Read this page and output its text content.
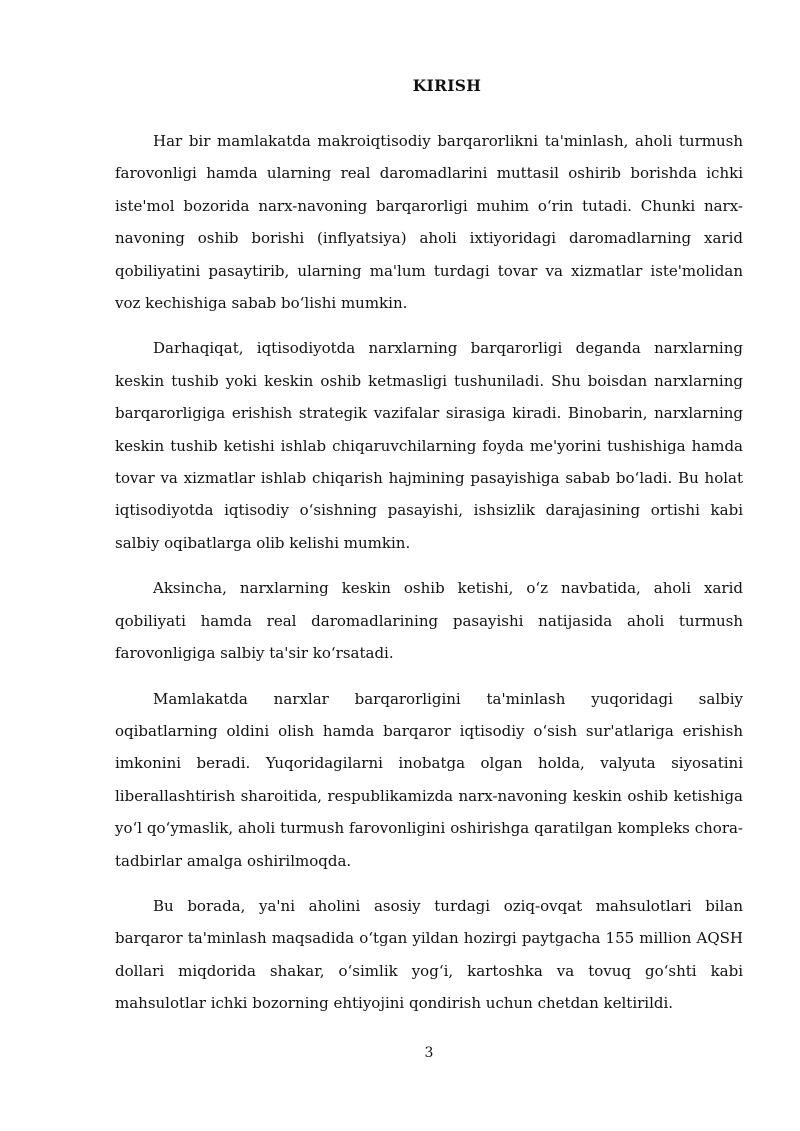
KIRISH

Har bir mamlakatda makroiqtisodiy barqarorlikni ta'minlash, aholi turmush farovonligi hamda ularning real daromadlarini muttasil oshirib borishda ichki iste'mol bozorida narx-navoning barqarorligi muhim o‘rin tutadi. Chunki narx-navoning oshib borishi (inflyatsiya) aholi ixtiyoridagi daromadlarning xarid qobiliyatini pasaytirib, ularning ma'lum turdagi tovar va xizmatlar iste'molidan voz kechishiga sabab bo‘lishi mumkin.

Darhaqiqat, iqtisodiyotda narxlarning barqarorligi deganda narxlarning keskin tushib yoki keskin oshib ketmasligi tushuniladi. Shu boisdan narxlarning barqarorligiga erishish strategik vazifalar sirasiga kiradi. Binobarin, narxlarning keskin tushib ketishi ishlab chiqaruvchilarning foyda me'yorini tushishiga hamda tovar va xizmatlar ishlab chiqarish hajmining pasayishiga sabab bo‘ladi. Bu holat iqtisodiyotda iqtisodiy o‘sishning pasayishi, ishsizlik darajasining ortishi kabi salbiy oqibatlarga olib kelishi mumkin.

Aksincha, narxlarning keskin oshib ketishi, o‘z navbatida, aholi xarid qobiliyati hamda real daromadlarining pasayishi natijasida aholi turmush farovonligiga salbiy ta'sir ko‘rsatadi.

Mamlakatda narxlar barqarorligini ta'minlash yuqoridagi salbiy oqibatlarning oldini olish hamda barqaror iqtisodiy o‘sish sur'atlariga erishish imkonini beradi. Yuqoridagilarni inobatga olgan holda, valyuta siyosatini liberallashtirish sharoitida, respublikamizda narx-navoning keskin oshib ketishiga yo‘l qo‘ymaslik, aholi turmush farovonligini oshirishga qaratilgan kompleks chora-tadbirlar amalga oshirilmoqda.

Bu borada, ya'ni aholini asosiy turdagi oziq-ovqat mahsulotlari bilan barqaror ta'minlash maqsadida o‘tgan yildan hozirgi paytgacha 155 million AQSH dollari miqdorida shakar, o‘simlik yog‘i, kartoshka va tovuq go‘shti kabi mahsulotlar ichki bozorning ehtiyojini qondirish uchun chetdan keltirildi.

3
